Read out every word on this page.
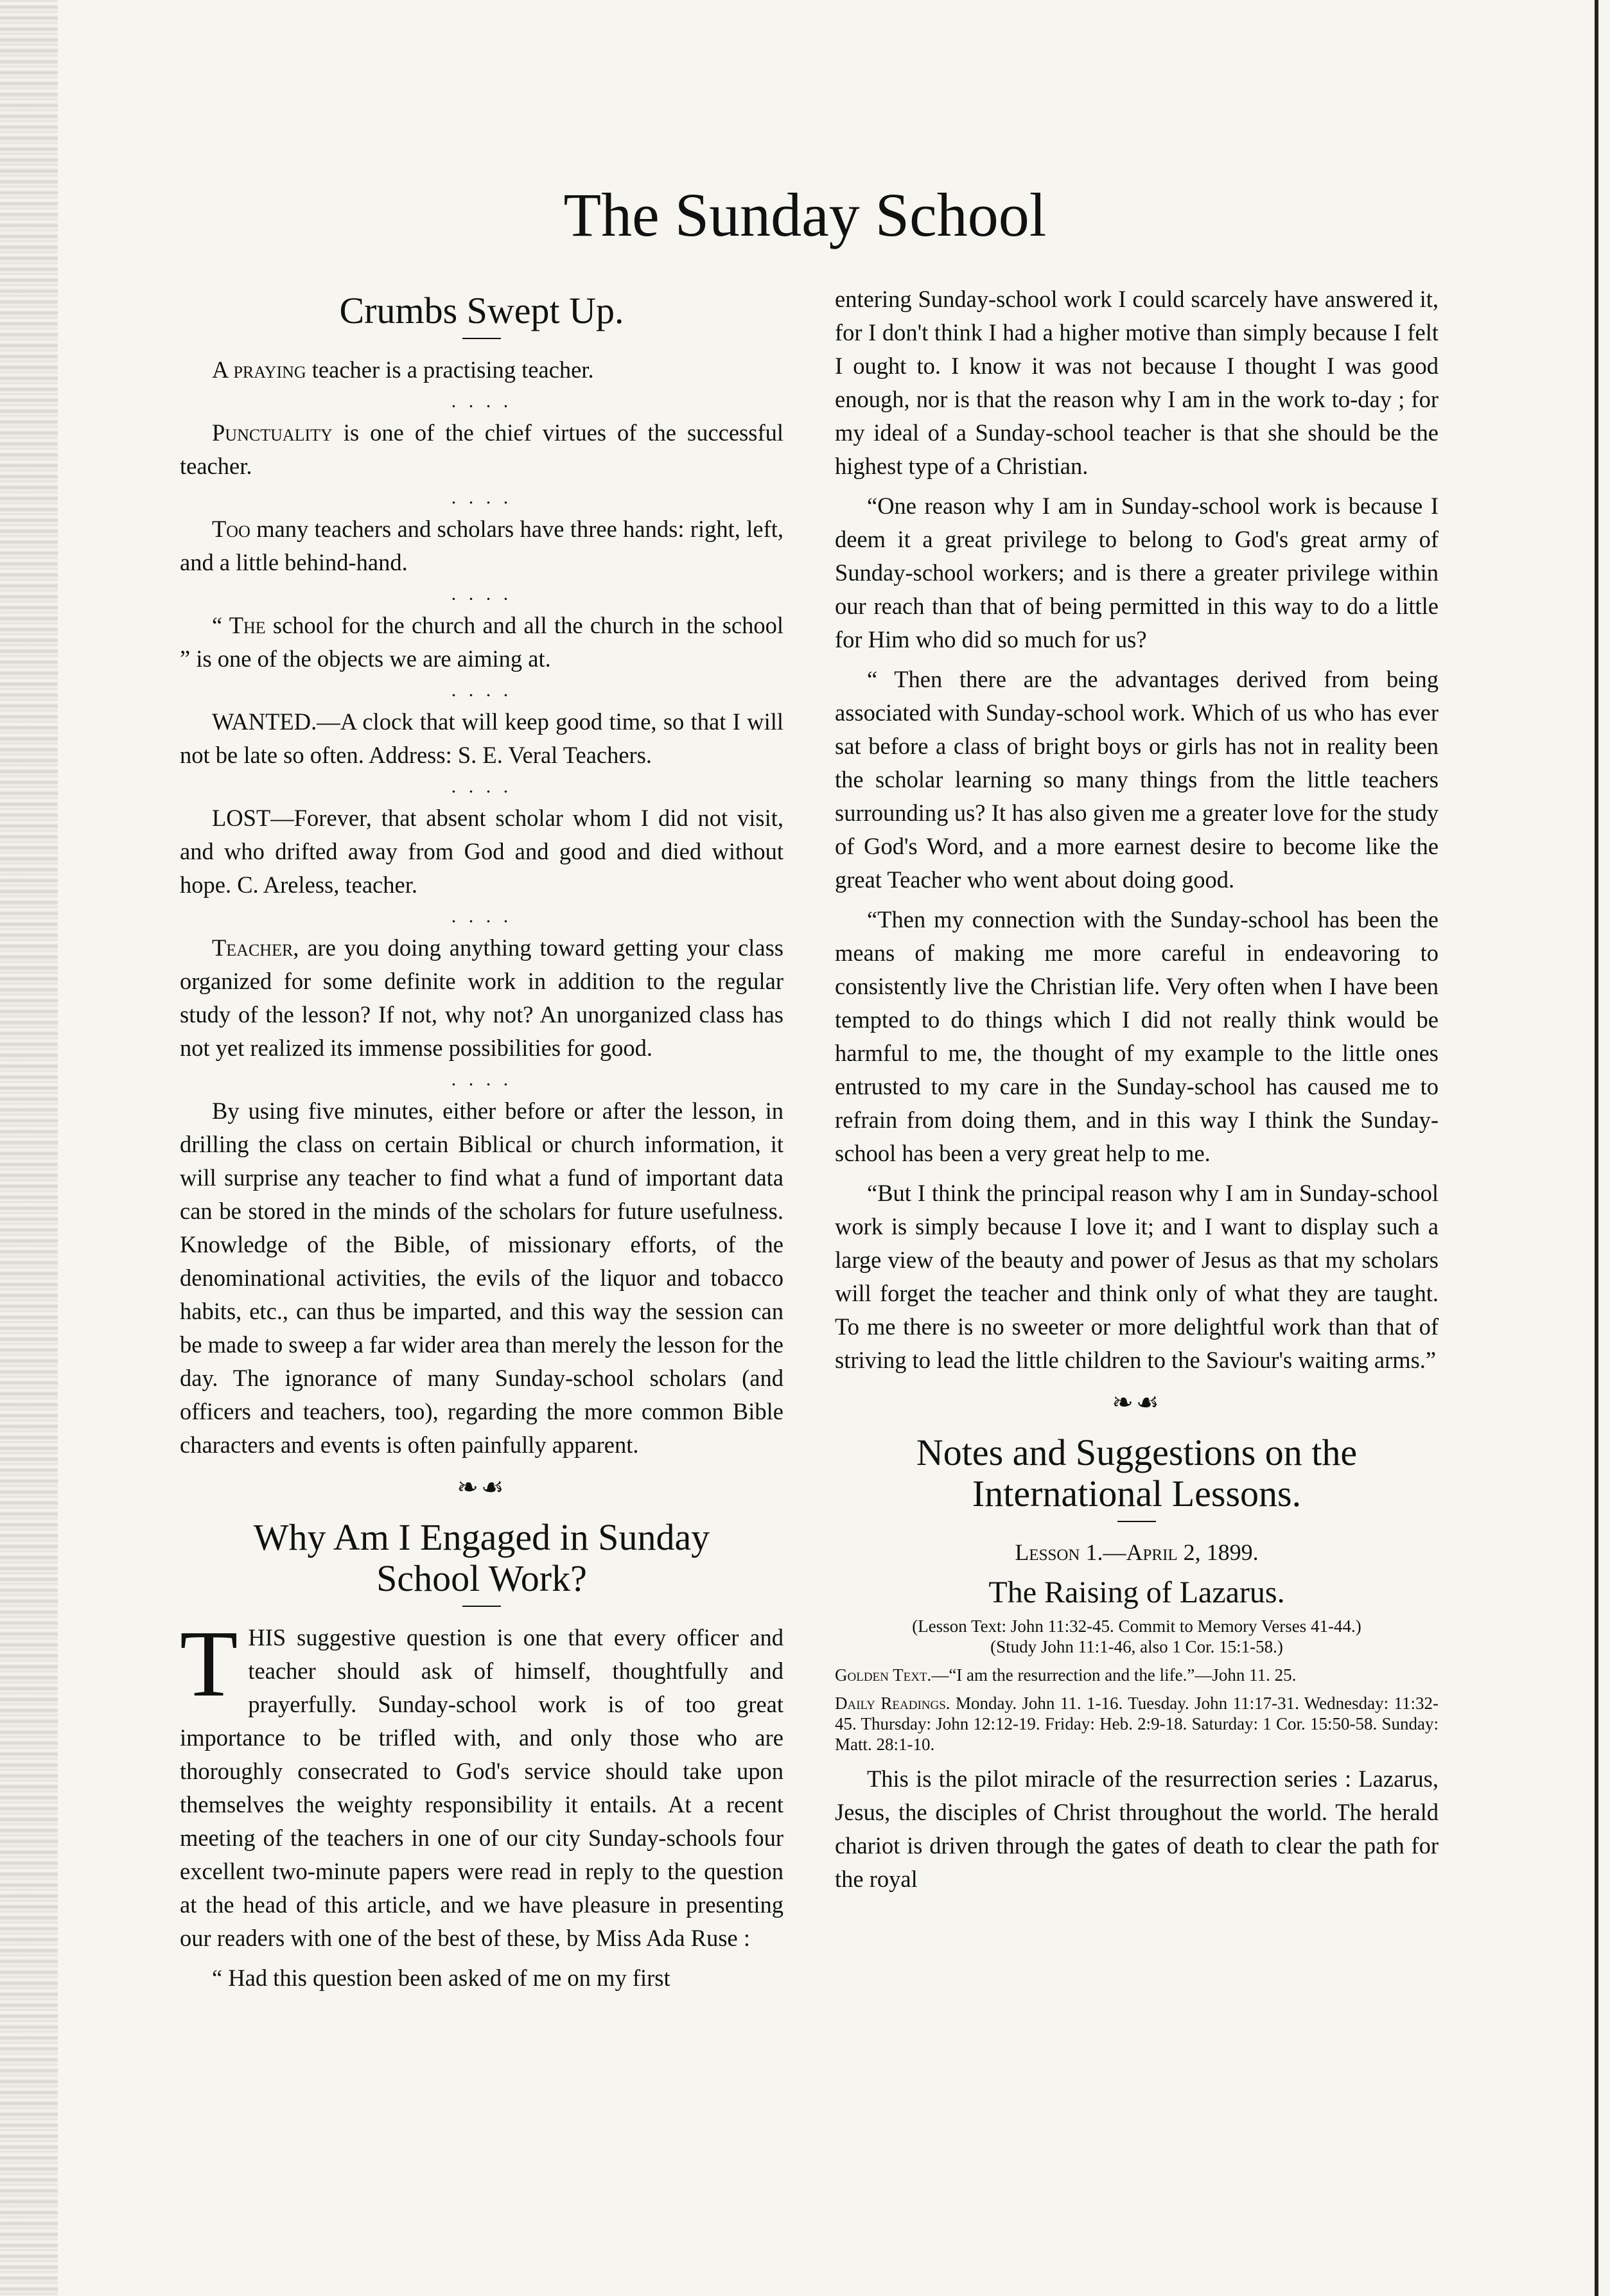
The Sunday School
Crumbs Swept Up.

A praying teacher is a practising teacher.

. . . .

Punctuality is one of the chief virtues of the successful teacher.

. . . .

Too many teachers and scholars have three hands: right, left, and a little behind-hand.

. . . .

“ The school for the church and all the church in the school ” is one of the objects we are aiming at.

. . . .

WANTED.—A clock that will keep good time, so that I will not be late so often. Address: S. E. Veral Teachers.

. . . .

LOST—Forever, that absent scholar whom I did not visit, and who drifted away from God and good and died without hope. C. Areless, teacher.

. . . .

Teacher, are you doing anything toward getting your class organized for some definite work in addition to the regular study of the lesson? If not, why not? An unorganized class has not yet realized its immense possibilities for good.

. . . .

By using five minutes, either before or after the lesson, in drilling the class on certain Biblical or church information, it will surprise any teacher to find what a fund of important data can be stored in the minds of the scholars for future usefulness. Knowledge of the Bible, of missionary efforts, of the denominational activities, the evils of the liquor and tobacco habits, etc., can thus be imparted, and this way the session can be made to sweep a far wider area than merely the lesson for the day. The ignorance of many Sunday-school scholars (and officers and teachers, too), regarding the more common Bible characters and events is often painfully apparent.

❧☙
Why Am I Engaged in Sunday
School Work?

THIS suggestive question is one that every officer and teacher should ask of himself, thoughtfully and prayerfully. Sunday-school work is of too great importance to be trifled with, and only those who are thoroughly consecrated to God's service should take upon themselves the weighty responsibility it entails. At a recent meeting of the teachers in one of our city Sunday-schools four excellent two-minute papers were read in reply to the question at the head of this article, and we have pleasure in presenting our readers with one of the best of these, by Miss Ada Ruse :

“ Had this question been asked of me on my first

entering Sunday-school work I could scarcely have answered it, for I don't think I had a higher motive than simply because I felt I ought to. I know it was not because I thought I was good enough, nor is that the reason why I am in the work to-day ; for my ideal of a Sunday-school teacher is that she should be the highest type of a Christian.

“One reason why I am in Sunday-school work is because I deem it a great privilege to belong to God's great army of Sunday-school workers; and is there a greater privilege within our reach than that of being permitted in this way to do a little for Him who did so much for us?

“ Then there are the advantages derived from being associated with Sunday-school work. Which of us who has ever sat before a class of bright boys or girls has not in reality been the scholar learning so many things from the little teachers surrounding us? It has also given me a greater love for the study of God's Word, and a more earnest desire to become like the great Teacher who went about doing good.

“Then my connection with the Sunday-school has been the means of making me more careful in endeavoring to consistently live the Christian life. Very often when I have been tempted to do things which I did not really think would be harmful to me, the thought of my example to the little ones entrusted to my care in the Sunday-school has caused me to refrain from doing them, and in this way I think the Sunday-school has been a very great help to me.

“But I think the principal reason why I am in Sunday-school work is simply because I love it; and I want to display such a large view of the beauty and power of Jesus as that my scholars will forget the teacher and think only of what they are taught. To me there is no sweeter or more delightful work than that of striving to lead the little children to the Saviour's waiting arms.”

❧☙
Notes and Suggestions on the
International Lessons.
Lesson 1.—April 2, 1899.
The Raising of Lazarus.
(Lesson Text: John 11:32-45. Commit to Memory Verses 41-44.)
(Study John 11:1-46, also 1 Cor. 15:1-58.)
Golden Text.—“I am the resurrection and the life.”—John 11. 25.
Daily Readings. Monday. John 11. 1-16. Tuesday. John 11:17-31. Wednesday: 11:32-45. Thursday: John 12:12-19. Friday: Heb. 2:9-18. Saturday: 1 Cor. 15:50-58. Sunday: Matt. 28:1-10.

This is the pilot miracle of the resurrection series : Lazarus, Jesus, the disciples of Christ throughout the world. The herald chariot is driven through the gates of death to clear the path for the royal
